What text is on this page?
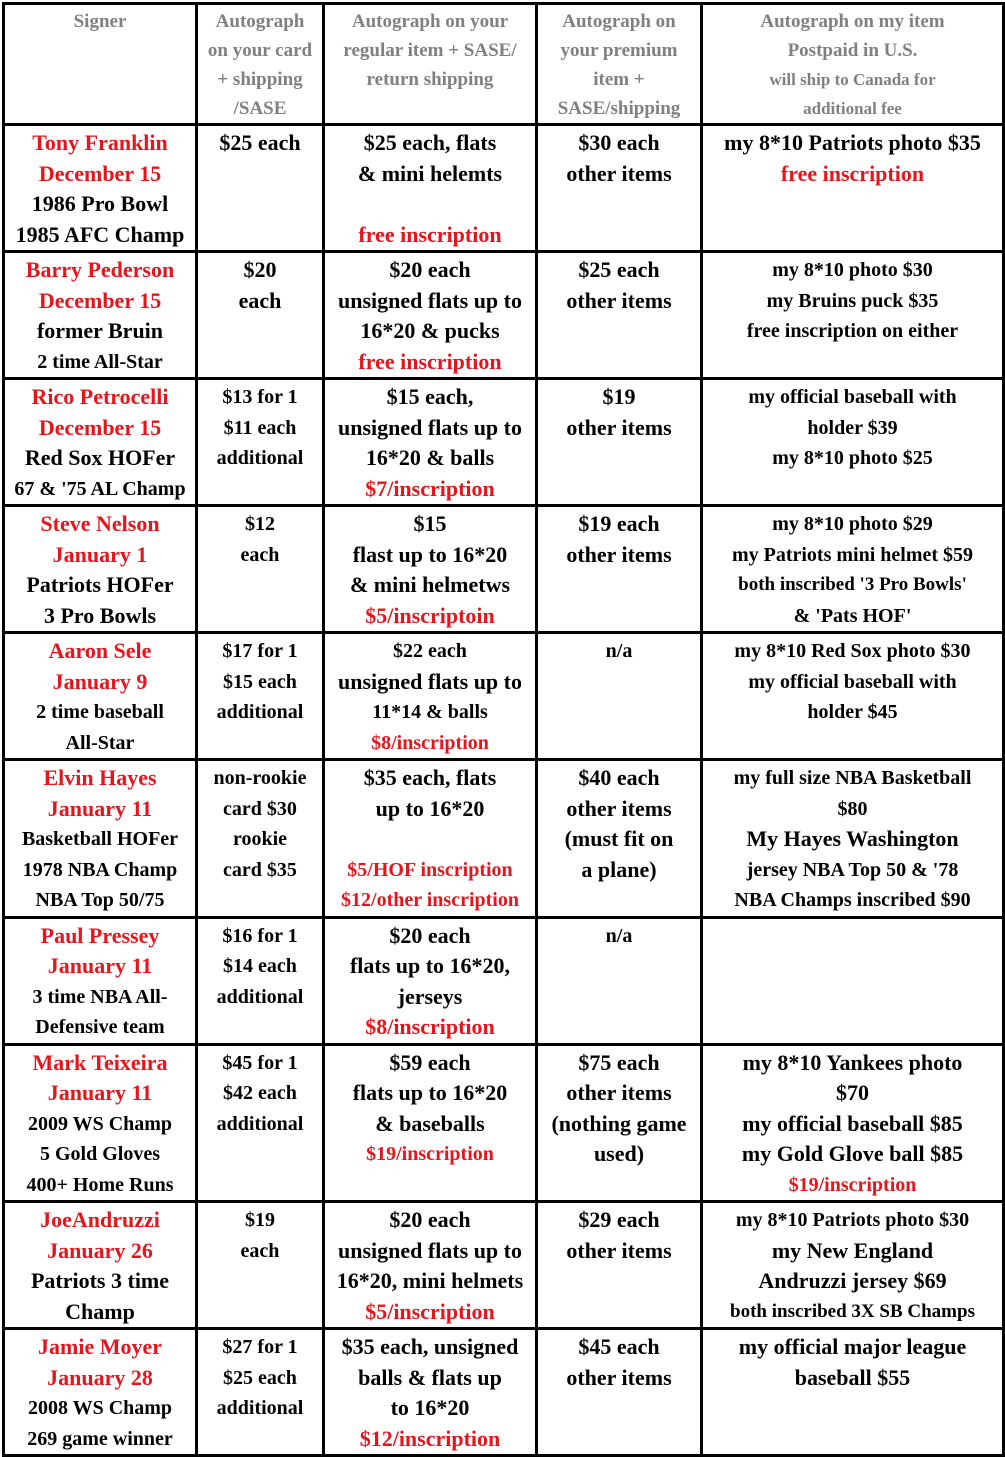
Signer	Autograph
on your card
+ shipping
/SASE	Autograph on your
regular item + SASE/
return shipping	Autograph on
your premium
item +
SASE/shipping	Autograph on my item
Postpaid in U.S.
will ship to Canada for
additional fee

Tony Franklin
December 15
1986 Pro Bowl
1985 AFC Champ	$25 each	$25 each, flats
& mini helemts
free inscription	$30 each
other items	my 8*10 Patriots photo $35
free inscription

Barry Pederson
December 15
former Bruin
2 time All-Star	$20
each	$20 each
unsigned flats up to
16*20 & pucks
free inscription	$25 each
other items	my 8*10 photo $30
my Bruins puck $35
free inscription on either

Rico Petrocelli
December 15
Red Sox HOFer
67 & '75 AL Champ	$13 for 1
$11 each
additional	$15 each,
unsigned flats up to
16*20 & balls
$7/inscription	$19
other items	my official baseball with
holder $39
my 8*10 photo $25

Steve Nelson
January 1
Patriots HOFer
3 Pro Bowls	$12
each	$15
flast up to 16*20
& mini helmetws
$5/inscriptoin	$19 each
other items	my 8*10 photo $29
my Patriots mini helmet $59
both inscribed '3 Pro Bowls'
& 'Pats HOF'

Aaron Sele
January 9
2 time baseball
All-Star	$17 for 1
$15 each
additional	$22 each
unsigned flats up to
11*14 & balls
$8/inscription	n/a	my 8*10 Red Sox photo $30
my official baseball with
holder $45

Elvin Hayes
January 11
Basketball HOFer
1978 NBA Champ
NBA Top 50/75	non-rookie
card $30
rookie
card $35	$35 each, flats
up to 16*20
$5/HOF inscription
$12/other inscription	$40 each
other items
(must fit on
a plane)	my full size NBA Basketball
$80
My Hayes Washington
jersey NBA Top 50 & '78
NBA Champs inscribed $90

Paul Pressey
January 11
3 time NBA All-
Defensive team	$16 for 1
$14 each
additional	$20 each
flats up to 16*20,
jerseys
$8/inscription	n/a	

Mark Teixeira
January 11
2009 WS Champ
5 Gold Gloves
400+ Home Runs	$45 for 1
$42 each
additional	$59 each
flats up to 16*20
& baseballs
$19/inscription	$75 each
other items
(nothing game
used)	my 8*10 Yankees photo
$70
my official baseball $85
my Gold Glove ball $85
$19/inscription

JoeAndruzzi
January 26
Patriots 3 time
Champ	$19
each	$20 each
unsigned flats up to
16*20, mini helmets
$5/inscription	$29 each
other items	my 8*10 Patriots photo $30
my New England
Andruzzi jersey $69
both inscribed 3X SB Champs

Jamie Moyer
January 28
2008 WS Champ
269 game winner	$27 for 1
$25 each
additional	$35 each, unsigned
balls & flats up
to 16*20
$12/inscription	$45 each
other items	my official major league
baseball $55
